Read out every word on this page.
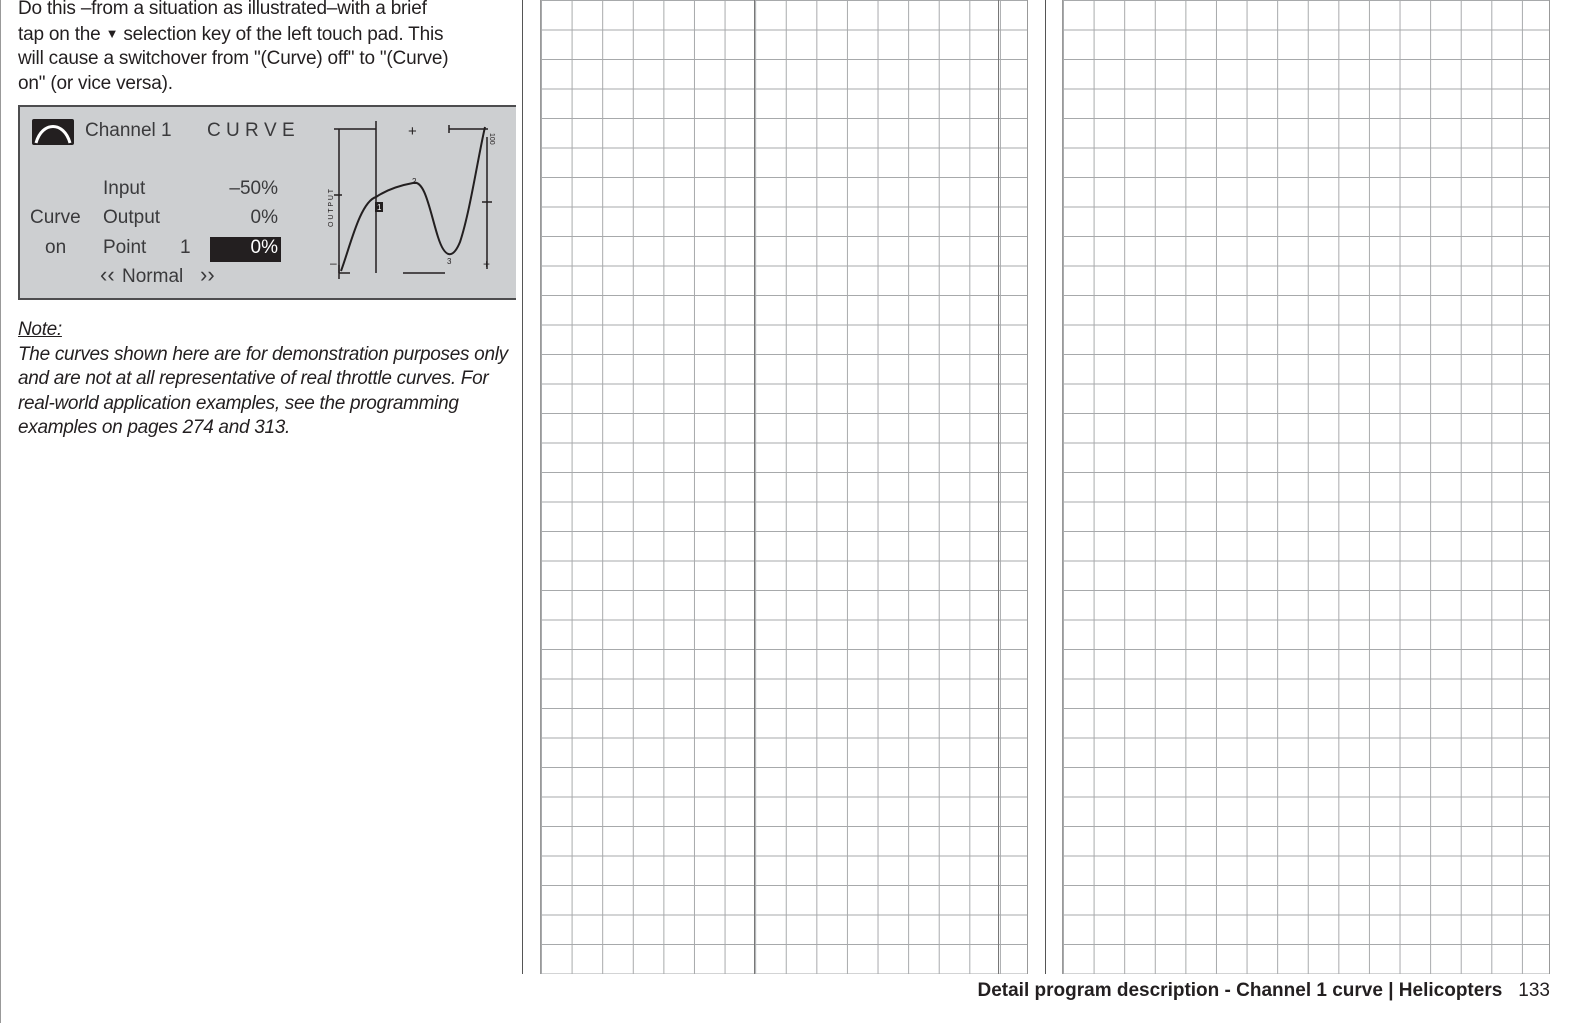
Do this –from a situation as illustrated–with a brief
tap on the ▼ selection key of the left touch pad. This
will cause a switchover from "(Curve) off" to "(Curve)
on" (or vice versa).

Channel 1 C U R V E
Input	–50%
Curve Output	0%
on Point 1	0%
‹‹ Normal ››
1
2
3
+
–	+
O U T P U T
100
Note:
The curves shown here are for demonstration purposes only and are not at all representative of real throttle curves. For real-world application examples, see the programming examples on pages 274 and 313.
Detail program description - Channel 1 curve | Helicopters 133
